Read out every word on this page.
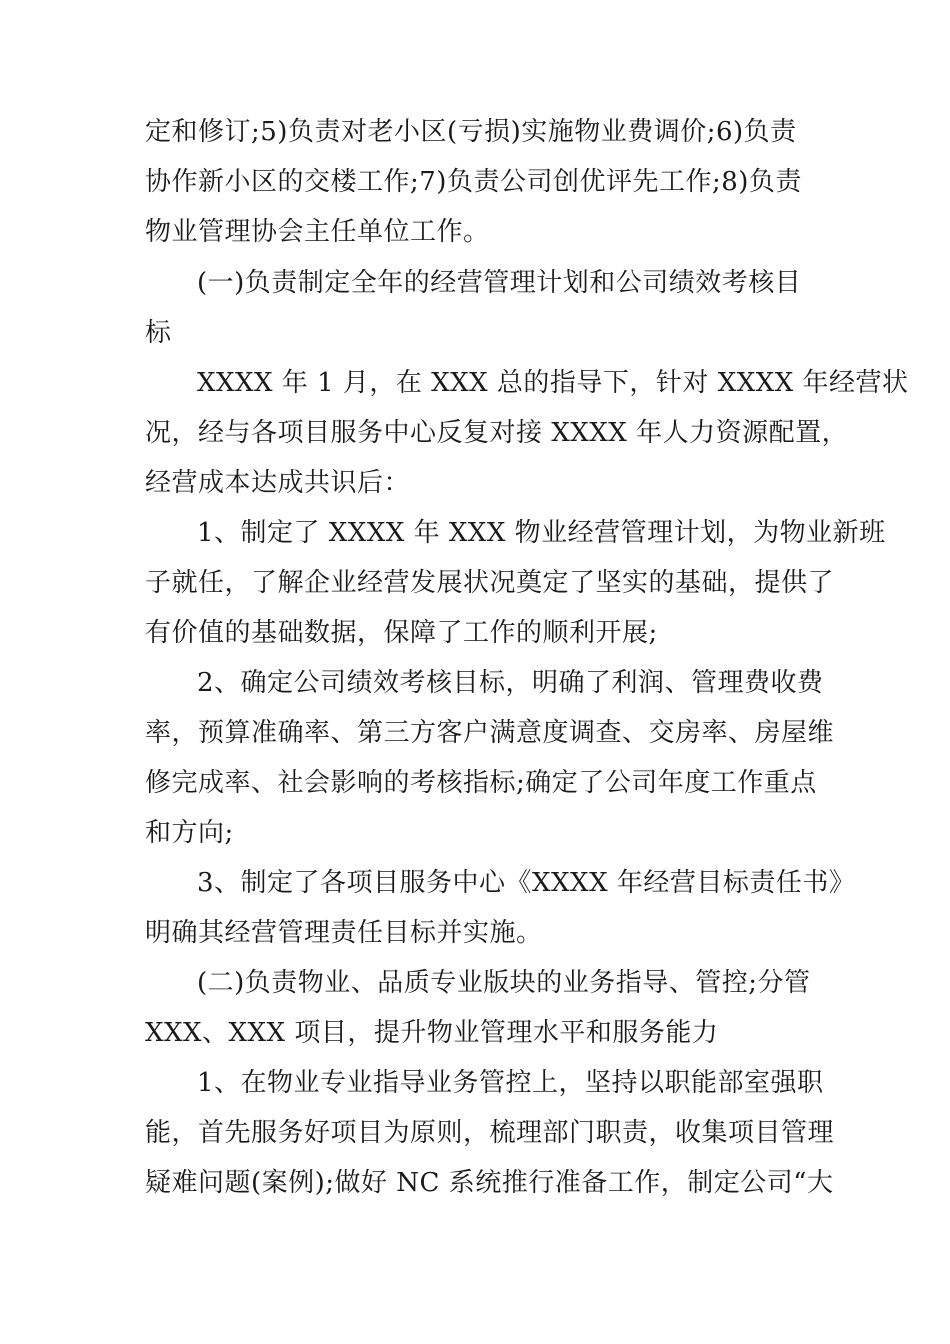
定和修订;5)负责对老小区(亏损)实施物业费调价;6)负责
协作新小区的交楼工作;7)负责公司创优评先工作;8)负责
物业管理协会主任单位工作。
(一)负责制定全年的经营管理计划和公司绩效考核目
标
XXXX 年 1 月，在 XXX 总的指导下，针对 XXXX 年经营状
况，经与各项目服务中心反复对接 XXXX 年人力资源配置，
经营成本达成共识后：
1、制定了 XXXX 年 XXX 物业经营管理计划，为物业新班
子就任，了解企业经营发展状况奠定了坚实的基础，提供了
有价值的基础数据，保障了工作的顺利开展;
2、确定公司绩效考核目标，明确了利润、管理费收费
率，预算准确率、第三方客户满意度调查、交房率、房屋维
修完成率、社会影响的考核指标;确定了公司年度工作重点
和方向;
3、制定了各项目服务中心《XXXX 年经营目标责任书》
明确其经营管理责任目标并实施。
(二)负责物业、品质专业版块的业务指导、管控;分管
XXX、XXX 项目，提升物业管理水平和服务能力
1、在物业专业指导业务管控上，坚持以职能部室强职
能，首先服务好项目为原则，梳理部门职责，收集项目管理
疑难问题(案例);做好 NC 系统推行准备工作，制定公司“大
